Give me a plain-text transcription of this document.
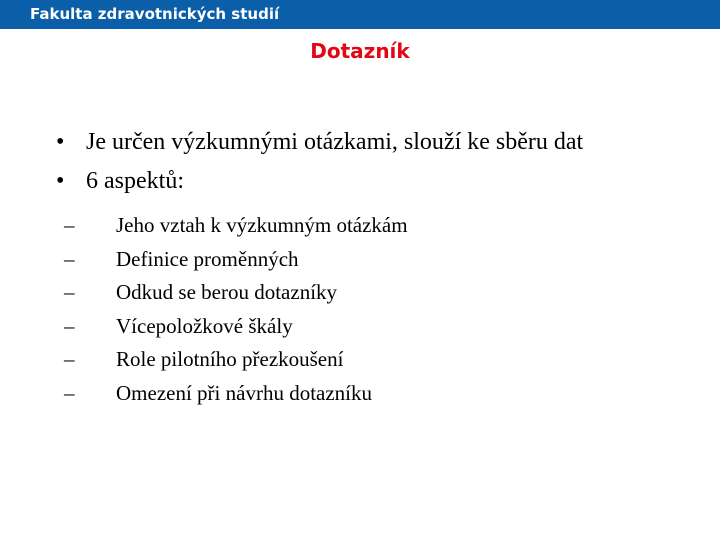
Fakulta zdravotnických studií
Dotazník
• Je určen výzkumnými otázkami, slouží ke sběru dat
• 6 aspektů:
–	Jeho vztah k výzkumným otázkám
–	Definice proměnných
–	Odkud se berou dotazníky
–	Vícepoložkové škály
–	Role pilotního přezkoušení
–	Omezení při návrhu dotazníku
